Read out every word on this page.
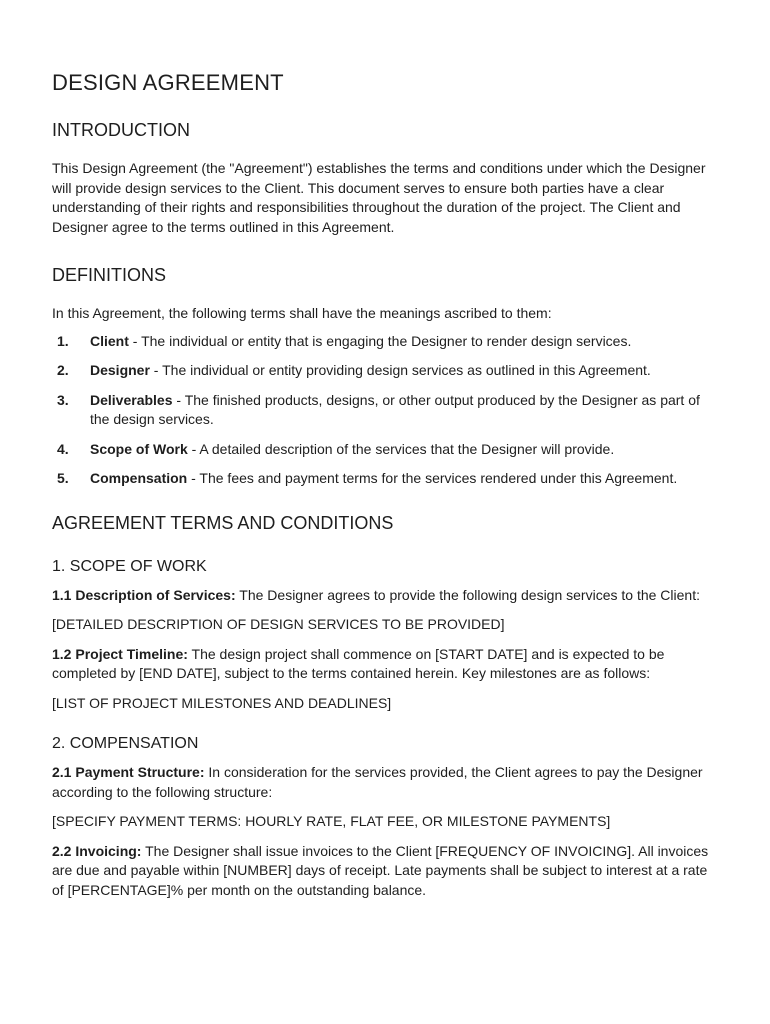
DESIGN AGREEMENT
INTRODUCTION

This Design Agreement (the "Agreement") establishes the terms and conditions under which the Designer will provide design services to the Client. This document serves to ensure both parties have a clear understanding of their rights and responsibilities throughout the duration of the project. The Client and Designer agree to the terms outlined in this Agreement.

DEFINITIONS

In this Agreement, the following terms shall have the meanings ascribed to them:

1.	Client - The individual or entity that is engaging the Designer to render design services.
2.	Designer - The individual or entity providing design services as outlined in this Agreement.
3.	Deliverables - The finished products, designs, or other output produced by the Designer as part of the design services.
4.	Scope of Work - A detailed description of the services that the Designer will provide.
5.	Compensation - The fees and payment terms for the services rendered under this Agreement.
AGREEMENT TERMS AND CONDITIONS
1. SCOPE OF WORK

1.1 Description of Services: The Designer agrees to provide the following design services to the Client:

[DETAILED DESCRIPTION OF DESIGN SERVICES TO BE PROVIDED]

1.2 Project Timeline: The design project shall commence on [START DATE] and is expected to be completed by [END DATE], subject to the terms contained herein. Key milestones are as follows:

[LIST OF PROJECT MILESTONES AND DEADLINES]

2. COMPENSATION

2.1 Payment Structure: In consideration for the services provided, the Client agrees to pay the Designer according to the following structure:

[SPECIFY PAYMENT TERMS: HOURLY RATE, FLAT FEE, OR MILESTONE PAYMENTS]

2.2 Invoicing: The Designer shall issue invoices to the Client [FREQUENCY OF INVOICING]. All invoices are due and payable within [NUMBER] days of receipt. Late payments shall be subject to interest at a rate of [PERCENTAGE]% per month on the outstanding balance.
